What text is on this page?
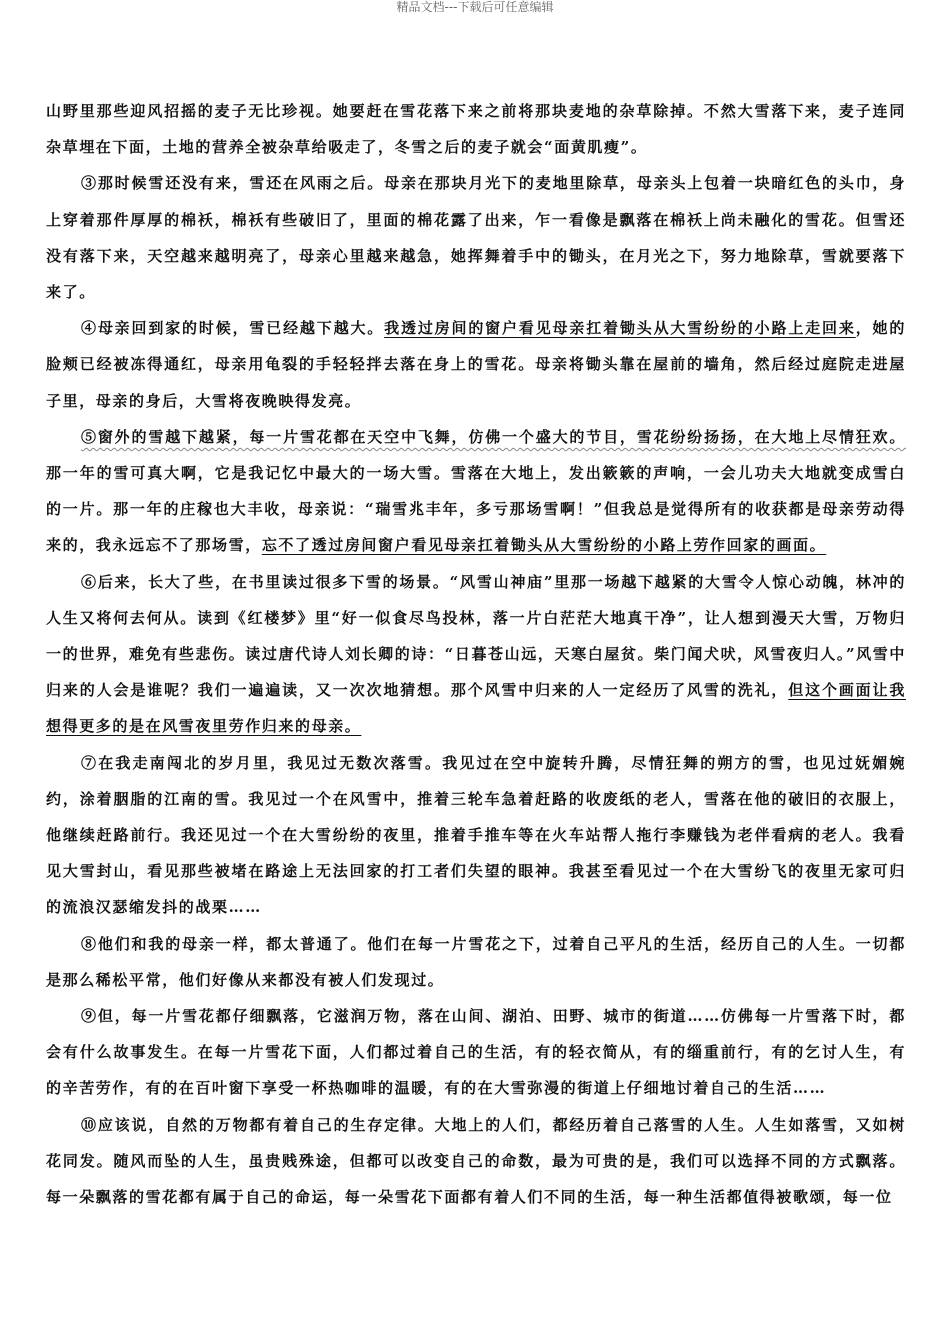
精品文档---下载后可任意编辑

山野里那些迎风招摇的麦子无比珍视。她要赶在雪花落下来之前将那块麦地的杂草除掉。不然大雪落下来，麦子连同杂草埋在下面，土地的营养全被杂草给吸走了，冬雪之后的麦子就会“面黄肌瘦”。

③那时候雪还没有来，雪还在风雨之后。母亲在那块月光下的麦地里除草，母亲头上包着一块暗红色的头巾，身上穿着那件厚厚的棉袄，棉袄有些破旧了，里面的棉花露了出来，乍一看像是飘落在棉袄上尚未融化的雪花。但雪还没有落下来，天空越来越明亮了，母亲心里越来越急，她挥舞着手中的锄头，在月光之下，努力地除草，雪就要落下来了。

④母亲回到家的时候，雪已经越下越大。我透过房间的窗户看见母亲扛着锄头从大雪纷纷的小路上走回来，她的脸颊已经被冻得通红，母亲用龟裂的手轻轻拌去落在身上的雪花。母亲将锄头靠在屋前的墙角，然后经过庭院走进屋子里，母亲的身后，大雪将夜晚映得发亮。

⑤窗外的雪越下越紧，每一片雪花都在天空中飞舞，仿佛一个盛大的节目，雪花纷纷扬扬，在大地上尽情狂欢。那一年的雪可真大啊，它是我记忆中最大的一场大雪。雪落在大地上，发出簌簌的声响，一会儿功夫大地就变成雪白的一片。那一年的庄稼也大丰收，母亲说：“瑞雪兆丰年，多亏那场雪啊！”但我总是觉得所有的收获都是母亲劳动得来的，我永远忘不了那场雪，忘不了透过房间窗户看见母亲扛着锄头从大雪纷纷的小路上劳作回家的画面。

⑥后来，长大了些，在书里读过很多下雪的场景。“风雪山神庙”里那一场越下越紧的大雪令人惊心动魄，林冲的人生又将何去何从。读到《红楼梦》里“好一似食尽鸟投林，落一片白茫茫大地真干净”，让人想到漫天大雪，万物归一的世界，难免有些悲伤。读过唐代诗人刘长卿的诗：“日暮苍山远，天寒白屋贫。柴门闻犬吠，风雪夜归人。”风雪中归来的人会是谁呢？我们一遍遍读，又一次次地猜想。那个风雪中归来的人一定经历了风雪的洗礼，但这个画面让我想得更多的是在风雪夜里劳作归来的母亲。

⑦在我走南闯北的岁月里，我见过无数次落雪。我见过在空中旋转升腾，尽情狂舞的朔方的雪，也见过妩媚婉约，涂着胭脂的江南的雪。我见过一个在风雪中，推着三轮车急着赶路的收废纸的老人，雪落在他的破旧的衣服上，他继续赶路前行。我还见过一个在大雪纷纷的夜里，推着手推车等在火车站帮人拖行李赚钱为老伴看病的老人。我看见大雪封山，看见那些被堵在路途上无法回家的打工者们失望的眼神。我甚至看见过一个在大雪纷飞的夜里无家可归的流浪汉瑟缩发抖的战栗……

⑧他们和我的母亲一样，都太普通了。他们在每一片雪花之下，过着自己平凡的生活，经历自己的人生。一切都是那么稀松平常，他们好像从来都没有被人们发现过。

⑨但，每一片雪花都仔细飘落，它滋润万物，落在山间、湖泊、田野、城市的街道……仿佛每一片雪落下时，都会有什么故事发生。在每一片雪花下面，人们都过着自己的生活，有的轻衣简从，有的缁重前行，有的乞讨人生，有的辛苦劳作，有的在百叶窗下享受一杯热咖啡的温暖，有的在大雪弥漫的街道上仔细地讨着自己的生活……

⑩应该说，自然的万物都有着自己的生存定律。大地上的人们，都经历着自己落雪的人生。人生如落雪，又如树花同发。随风而坠的人生，虽贵贱殊途，但都可以改变自己的命数，最为可贵的是，我们可以选择不同的方式飘落。每一朵飘落的雪花都有属于自己的命运，每一朵雪花下面都有着人们不同的生活，每一种生活都值得被歌颂，每一位
